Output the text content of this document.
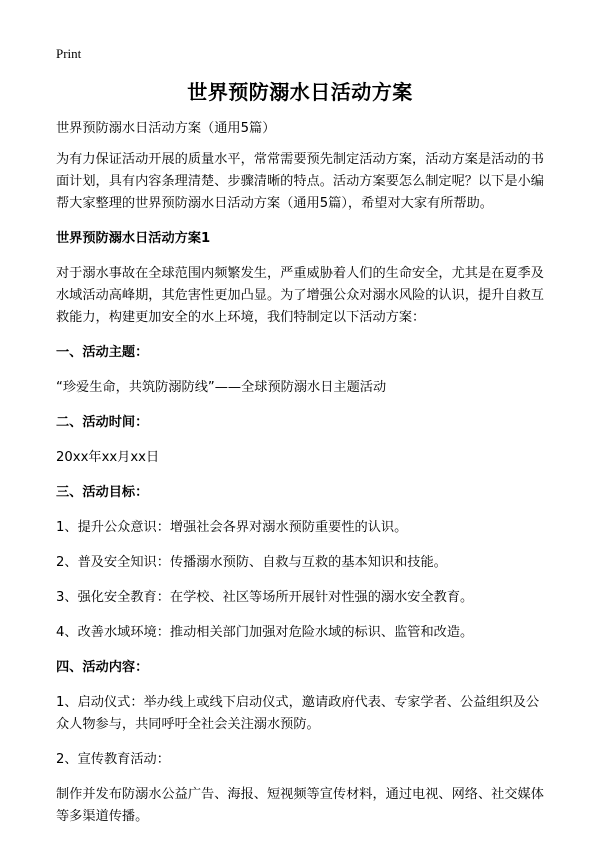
Print
世界预防溺水日活动方案

世界预防溺水日活动方案（通用5篇）

为有力保证活动开展的质量水平，常常需要预先制定活动方案，活动方案是活动的书面计划，具有内容条理清楚、步骤清晰的特点。活动方案要怎么制定呢？以下是小编帮大家整理的世界预防溺水日活动方案（通用5篇），希望对大家有所帮助。

世界预防溺水日活动方案1

对于溺水事故在全球范围内频繁发生，严重威胁着人们的生命安全，尤其是在夏季及水域活动高峰期，其危害性更加凸显。为了增强公众对溺水风险的认识，提升自救互救能力，构建更加安全的水上环境，我们特制定以下活动方案：

一、活动主题：

“珍爱生命，共筑防溺防线”——全球预防溺水日主题活动

二、活动时间：

20xx年xx月xx日

三、活动目标：

1、提升公众意识：增强社会各界对溺水预防重要性的认识。

2、普及安全知识：传播溺水预防、自救与互救的基本知识和技能。

3、强化安全教育：在学校、社区等场所开展针对性强的溺水安全教育。

4、改善水域环境：推动相关部门加强对危险水域的标识、监管和改造。

四、活动内容：

1、启动仪式：举办线上或线下启动仪式，邀请政府代表、专家学者、公益组织及公众人物参与，共同呼吁全社会关注溺水预防。

2、宣传教育活动：

制作并发布防溺水公益广告、海报、短视频等宣传材料，通过电视、网络、社交媒体等多渠道传播。
